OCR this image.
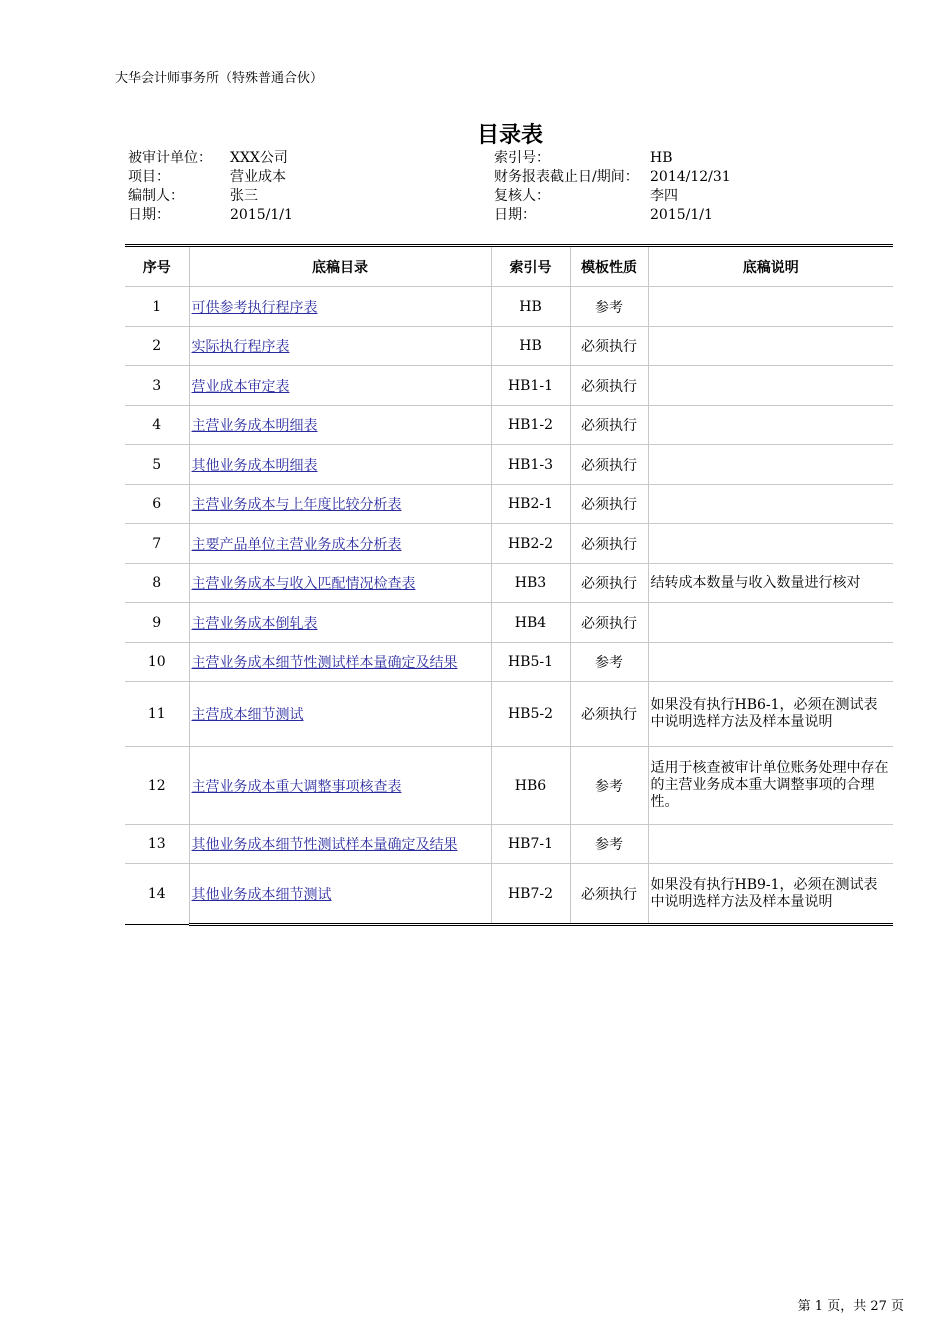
大华会计师事务所（特殊普通合伙）
目录表
被审计单位： XXX公司	索引号：	HB
项目：	营业成本	财务报表截止日/期间： 2014/12/31
编制人：	张三	复核人：	李四
日期：	2015/1/1	日期：	2015/1/1
序号	底稿目录	索引号	模板性质	底稿说明
1	可供参考执行程序表	HB	参考	
2	实际执行程序表	HB	必须执行	
3	营业成本审定表	HB1-1	必须执行	
4	主营业务成本明细表	HB1-2	必须执行	
5	其他业务成本明细表	HB1-3	必须执行	
6	主营业务成本与上年度比较分析表	HB2-1	必须执行	
7	主要产品单位主营业务成本分析表	HB2-2	必须执行	
8	主营业务成本与收入匹配情况检查表	HB3	必须执行	结转成本数量与收入数量进行核对
9	主营业务成本倒轧表	HB4	必须执行	
10	主营业务成本细节性测试样本量确定及结果	HB5-1	参考	
11	主营成本细节测试	HB5-2	必须执行	如果没有执行HB6-1，必须在测试表中说明选样方法及样本量说明
12	主营业务成本重大调整事项核查表	HB6	参考	适用于核查被审计单位账务处理中存在的主营业务成本重大调整事项的合理性。
13	其他业务成本细节性测试样本量确定及结果	HB7-1	参考	
14	其他业务成本细节测试	HB7-2	必须执行	如果没有执行HB9-1，必须在测试表中说明选样方法及样本量说明
第 1 页，共 27 页
